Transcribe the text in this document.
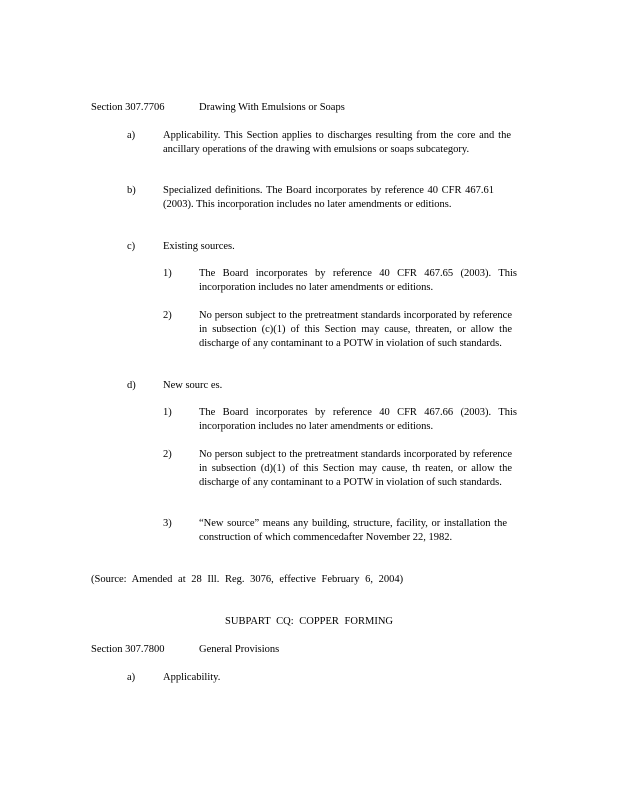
Section 307.7706	Drawing With Emulsions or Soaps
a)	Applicability. This Section applies to discharges resulting from the core and the ancillary operations of the drawing with emulsions or soaps subcategory.
b)	Specialized definitions. The Board incorporates by reference 40 CFR 467.61 (2003). This incorporation includes no later amendments or editions.
c)	Existing sources.
1)	The Board incorporates by reference 40 CFR 467.65 (2003). This incorporation includes no later amendments or editions.
2)	No person subject to the pretreatment standards incorporated by reference in subsection (c)(1) of this Section may cause, threaten, or allow the discharge of any contaminant to a POTW in violation of such standards.
d)	New sourc es.
1)	The Board incorporates by reference 40 CFR 467.66 (2003). This incorporation includes no later amendments or editions.
2)	No person subject to the pretreatment standards incorporated by reference in subsection (d)(1) of this Section may cause, th reaten, or allow the discharge of any contaminant to a POTW in violation of such standards.
3)	“New source” means any building, structure, facility, or installation the construction of which commencedafter November 22, 1982.
(Source: Amended at 28 Ill. Reg. 3076, effective February 6, 2004)
SUBPART CQ: COPPER FORMING
Section 307.7800	General Provisions
a)	Applicability.
